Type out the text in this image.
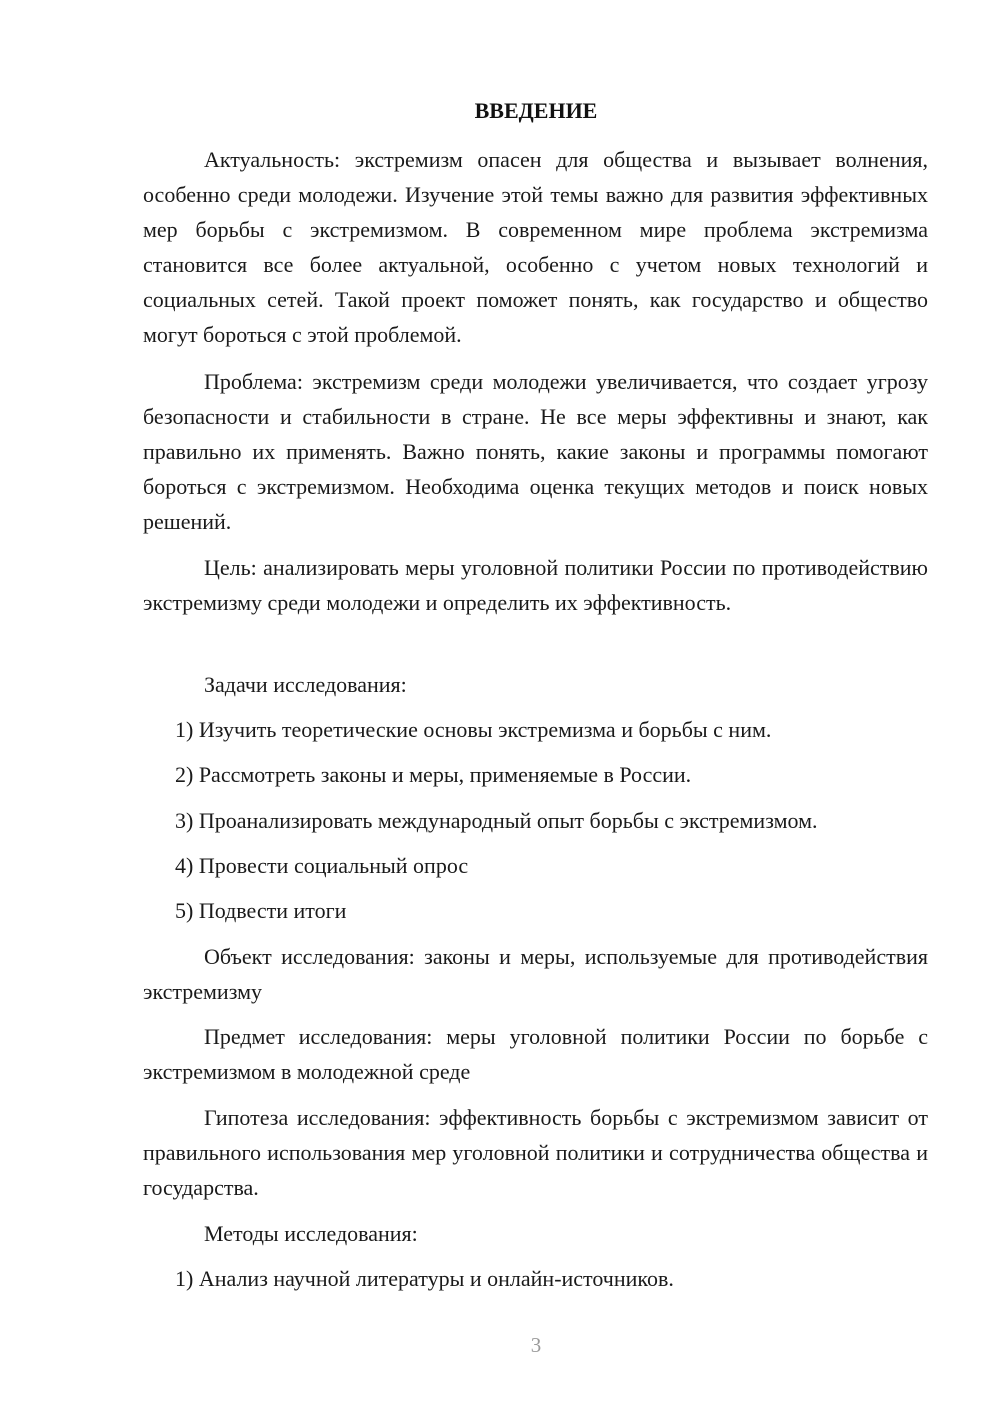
ВВЕДЕНИЕ

Актуальность: экстремизм опасен для общества и вызывает волнения, особенно среди молодежи. Изучение этой темы важно для развития эффективных мер борьбы с экстремизмом. В современном мире проблема экстремизма становится все более актуальной, особенно с учетом новых технологий и социальных сетей. Такой проект поможет понять, как государство и общество могут бороться с этой проблемой.

Проблема: экстремизм среди молодежи увеличивается, что создает угрозу безопасности и стабильности в стране. Не все меры эффективны и знают, как правильно их применять. Важно понять, какие законы и программы помогают бороться с экстремизмом. Необходима оценка текущих методов и поиск новых решений.

Цель: анализировать меры уголовной политики России по противодействию экстремизму среди молодежи и определить их эффективность.

Задачи исследования:

1) Изучить теоретические основы экстремизма и борьбы с ним.

2) Рассмотреть законы и меры, применяемые в России.

3) Проанализировать международный опыт борьбы с экстремизмом.

4) Провести социальный опрос

5) Подвести итоги

Объект исследования: законы и меры, используемые для противодействия экстремизму

Предмет исследования: меры уголовной политики России по борьбе с экстремизмом в молодежной среде

Гипотеза исследования: эффективность борьбы с экстремизмом зависит от правильного использования мер уголовной политики и сотрудничества общества и государства.

Методы исследования:

1) Анализ научной литературы и онлайн-источников.

3
